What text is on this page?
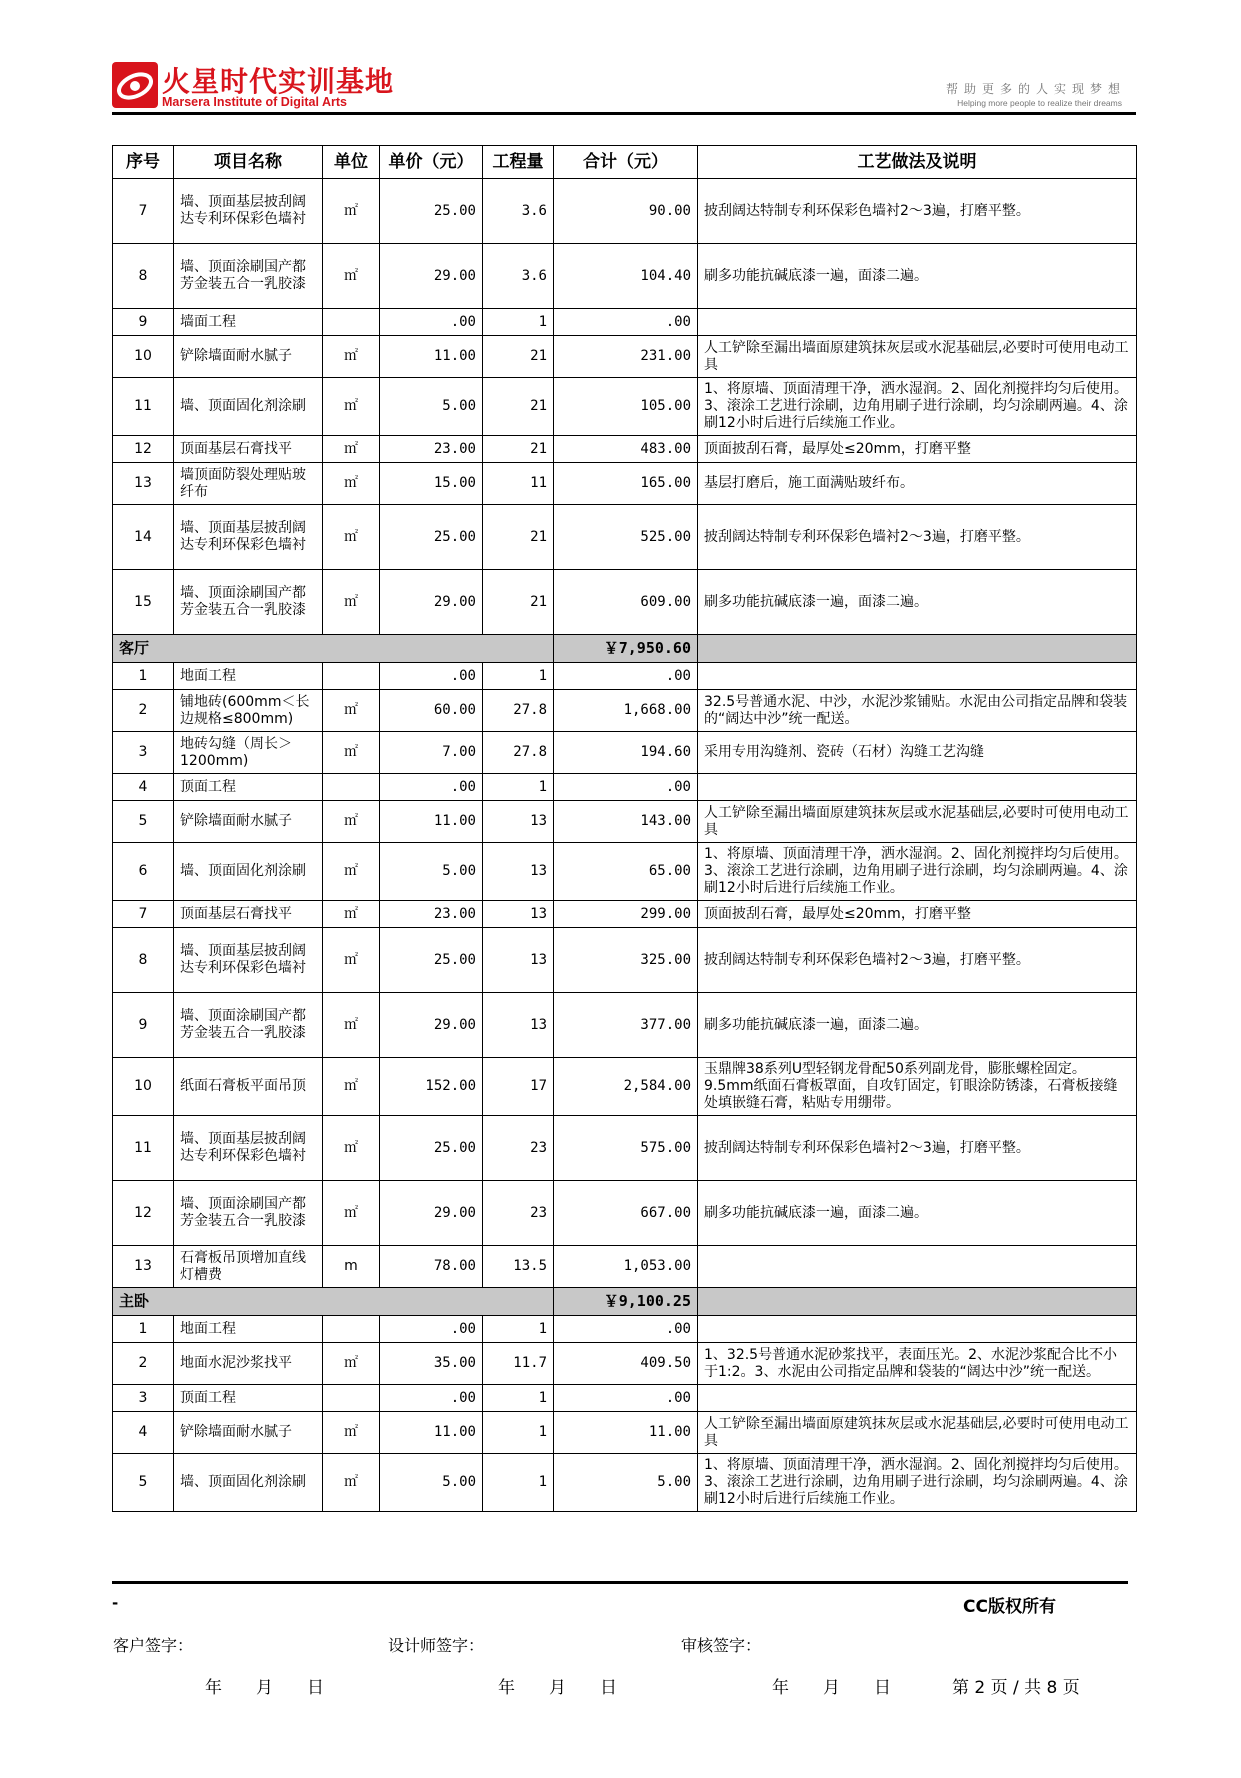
火星时代实训基地
Marsera Institute of Digital Arts
帮助更多的人实现梦想
Helping more people to realize their dreams
序号	项目名称	单位	单价（元）	工程量	合计（元）	工艺做法及说明
7	墙、顶面基层披刮阔达专利环保彩色墙衬	㎡	25.00	3.6	90.00	披刮阔达特制专利环保彩色墙衬2～3遍，打磨平整。
8	墙、顶面涂刷国产都芳金装五合一乳胶漆	㎡	29.00	3.6	104.40	刷多功能抗碱底漆一遍，面漆二遍。
9	墙面工程		.00	1	.00	
10	铲除墙面耐水腻子	㎡	11.00	21	231.00	人工铲除至漏出墙面原建筑抹灰层或水泥基础层,必要时可使用电动工具
11	墙、顶面固化剂涂刷	㎡	5.00	21	105.00	1、将原墙、顶面清理干净，洒水湿润。2、固化剂搅拌均匀后使用。3、滚涂工艺进行涂刷，边角用刷子进行涂刷，均匀涂刷两遍。4、涂刷12小时后进行后续施工作业。
12	顶面基层石膏找平	㎡	23.00	21	483.00	顶面披刮石膏，最厚处≤20mm，打磨平整
13	墙顶面防裂处理贴玻纤布	㎡	15.00	11	165.00	基层打磨后，施工面满贴玻纤布。
14	墙、顶面基层披刮阔达专利环保彩色墙衬	㎡	25.00	21	525.00	披刮阔达特制专利环保彩色墙衬2～3遍，打磨平整。
15	墙、顶面涂刷国产都芳金装五合一乳胶漆	㎡	29.00	21	609.00	刷多功能抗碱底漆一遍，面漆二遍。
客厅					￥7,950.60	
1	地面工程		.00	1	.00	
2	铺地砖(600mm＜长边规格≤800mm)	㎡	60.00	27.8	1,668.00	32.5号普通水泥、中沙，水泥沙浆铺贴。水泥由公司指定品牌和袋装的“阔达中沙”统一配送。
3	地砖勾缝（周长＞1200mm)	㎡	7.00	27.8	194.60	采用专用沟缝剂、瓷砖（石材）沟缝工艺沟缝
4	顶面工程		.00	1	.00	
5	铲除墙面耐水腻子	㎡	11.00	13	143.00	人工铲除至漏出墙面原建筑抹灰层或水泥基础层,必要时可使用电动工具
6	墙、顶面固化剂涂刷	㎡	5.00	13	65.00	1、将原墙、顶面清理干净，洒水湿润。2、固化剂搅拌均匀后使用。3、滚涂工艺进行涂刷，边角用刷子进行涂刷，均匀涂刷两遍。4、涂刷12小时后进行后续施工作业。
7	顶面基层石膏找平	㎡	23.00	13	299.00	顶面披刮石膏，最厚处≤20mm，打磨平整
8	墙、顶面基层披刮阔达专利环保彩色墙衬	㎡	25.00	13	325.00	披刮阔达特制专利环保彩色墙衬2～3遍，打磨平整。
9	墙、顶面涂刷国产都芳金装五合一乳胶漆	㎡	29.00	13	377.00	刷多功能抗碱底漆一遍，面漆二遍。
10	纸面石膏板平面吊顶	㎡	152.00	17	2,584.00	玉鼎牌38系列U型轻钢龙骨配50系列副龙骨，膨胀螺栓固定。9.5mm纸面石膏板罩面，自攻钉固定，钉眼涂防锈漆，石膏板接缝处填嵌缝石膏，粘贴专用绷带。
11	墙、顶面基层披刮阔达专利环保彩色墙衬	㎡	25.00	23	575.00	披刮阔达特制专利环保彩色墙衬2～3遍，打磨平整。
12	墙、顶面涂刷国产都芳金装五合一乳胶漆	㎡	29.00	23	667.00	刷多功能抗碱底漆一遍，面漆二遍。
13	石膏板吊顶增加直线灯槽费	m	78.00	13.5	1,053.00	
主卧					￥9,100.25	
1	地面工程		.00	1	.00	
2	地面水泥沙浆找平	㎡	35.00	11.7	409.50	1、32.5号普通水泥砂浆找平，表面压光。2、水泥沙浆配合比不小于1:2。3、水泥由公司指定品牌和袋装的“阔达中沙”统一配送。
3	顶面工程		.00	1	.00	
4	铲除墙面耐水腻子	㎡	11.00	1	11.00	人工铲除至漏出墙面原建筑抹灰层或水泥基础层,必要时可使用电动工具
5	墙、顶面固化剂涂刷	㎡	5.00	1	5.00	1、将原墙、顶面清理干净，洒水湿润。2、固化剂搅拌均匀后使用。3、滚涂工艺进行涂刷，边角用刷子进行涂刷，均匀涂刷两遍。4、涂刷12小时后进行后续施工作业。
-	CC版权所有
客户签字：	设计师签字：	审核签字：
年　　月　　日	年　　月　　日	年　　月　　日	第 2 页 / 共 8 页
